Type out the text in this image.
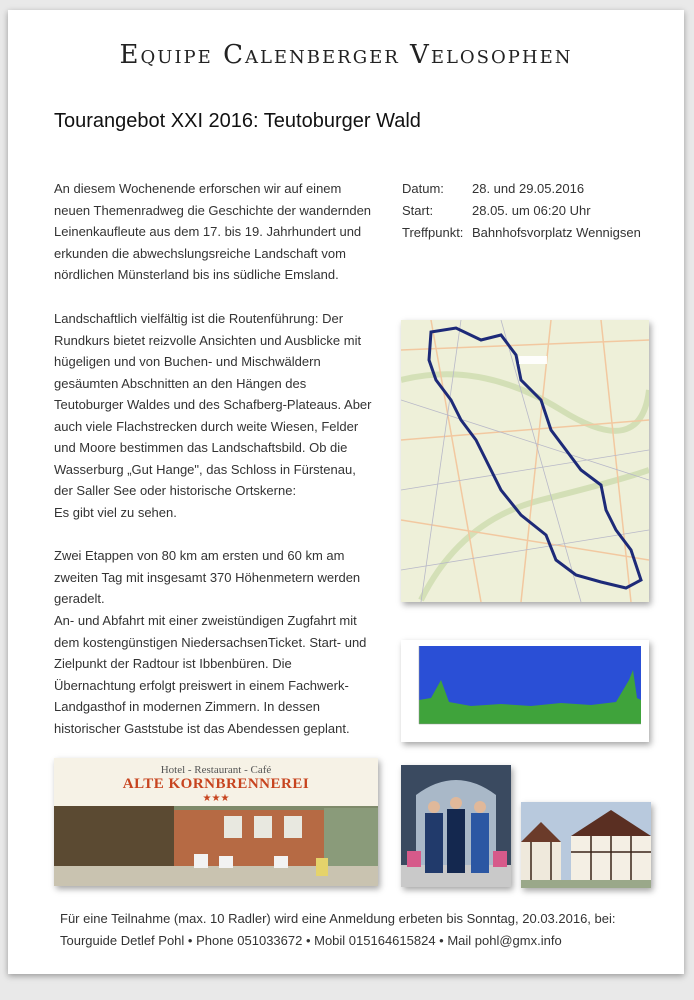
Equipe Calenberger Velosophen
Tourangebot XXI 2016: Teutoburger Wald
An diesem Wochenende erforschen wir auf einem neuen Themenradweg die Geschichte der wandernden Leinenkaufleute aus dem 17. bis 19. Jahrhundert und erkunden die abwechslungsreiche Landschaft vom nördlichen Münsterland bis ins südliche Emsland.
Landschaftlich vielfältig ist die Routenführung: Der Rundkurs bietet reizvolle Ansichten und Ausblicke mit hügeligen und von Buchen- und Mischwäldern gesäumten Abschnitten an den Hängen des Teutoburger Waldes und des Schafberg-Plateaus. Aber auch viele Flachstrecken durch weite Wiesen, Felder und Moore bestimmen das Landschaftsbild. Ob die Wasserburg „Gut Hange", das Schloss in Fürstenau, der Saller See oder historische Ortskerne:
Es gibt viel zu sehen.
Zwei Etappen von 80 km am ersten und 60 km am zweiten Tag mit insgesamt 370 Höhenmetern werden geradelt.
An- und Abfahrt mit einer zweistündigen Zugfahrt mit dem kostengünstigen NiedersachsenTicket. Start- und Zielpunkt der Radtour ist Ibbenbüren. Die Übernachtung erfolgt preiswert in einem Fachwerk-Landgasthof in modernen Zimmern. In dessen historischer Gaststube ist das Abendessen geplant.
Datum:	28. und 29.05.2016
Start:	28.05. um 06:20 Uhr
Treffpunkt: Bahnhofsvorplatz Wennigsen
Hotel - Restaurant - Café
ALTE KORNBRENNEREI
★★★
Für eine Teilnahme (max. 10 Radler) wird eine Anmeldung erbeten bis Sonntag, 20.03.2016, bei:
Tourguide Detlef Pohl • Phone 051033672 • Mobil 015164615824 • Mail pohl@gmx.info
